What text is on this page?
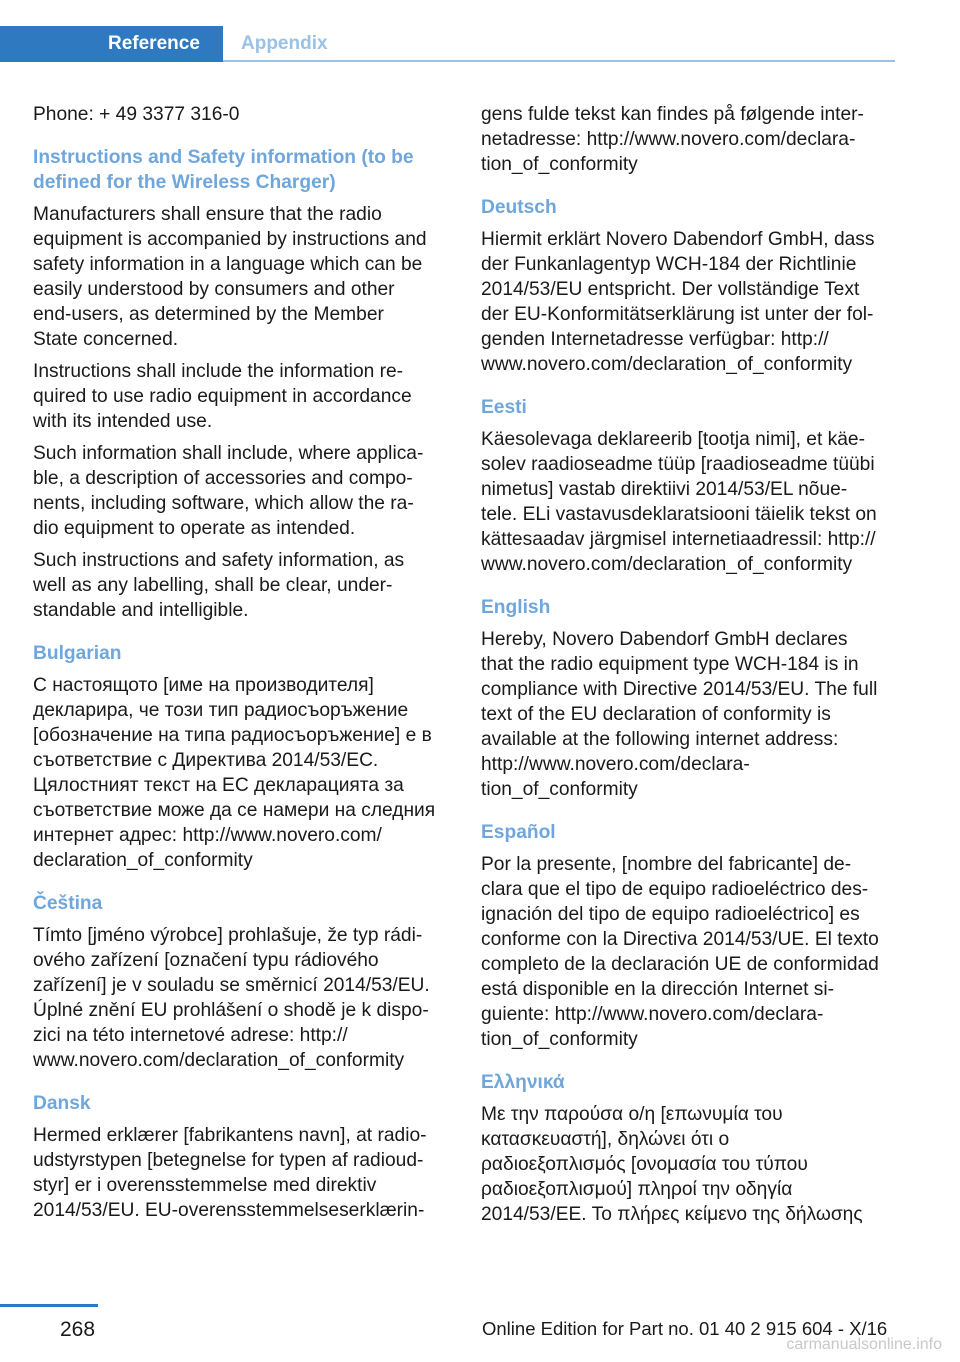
Reference	Appendix
Phone: + 49 3377 316-0
Instructions and Safety information (to be
defined for the Wireless Charger)
Manufacturers shall ensure that the radio
equipment is accompanied by instructions and
safety information in a language which can be
easily understood by consumers and other
end-users, as determined by the Member
State concerned.
Instructions shall include the information re‐
quired to use radio equipment in accordance
with its intended use.
Such information shall include, where applica‐
ble, a description of accessories and compo‐
nents, including software, which allow the ra‐
dio equipment to operate as intended.
Such instructions and safety information, as
well as any labelling, shall be clear, under‐
standable and intelligible.
Bulgarian
С настоящото [име на производителя]
декларира, че този тип радиосъоръжение
[обозначение на типа радиосъоръжение] е в
съответствие с Директива 2014/53/ЕС.
Цялостният текст на ЕС декларацията за
съответствие може да се намери на следния
интернет адрес: http://www.novero.com/
declaration_of_conformity
Čeština
Tímto [jméno výrobce] prohlašuje, že typ rádi‐
ového zařízení [označení typu rádiového
zařízení] je v souladu se směrnicí 2014/53/EU.
Úplné znění EU prohlášení o shodě je k dispo‐
zici na této internetové adrese: http://
www.novero.com/declaration_of_conformity
Dansk
Hermed erklærer [fabrikantens navn], at radio‐
udstyrstypen [betegnelse for typen af radioud‐
styr] er i overensstemmelse med direktiv
2014/53/EU. EU-overensstemmelseserklærin‐
gens fulde tekst kan findes på følgende inter‐
netadresse: http://www.novero.com/declara‐
tion_of_conformity
Deutsch
Hiermit erklärt Novero Dabendorf GmbH, dass
der Funkanlagentyp WCH-184 der Richtlinie
2014/53/EU entspricht. Der vollständige Text
der EU-Konformitätserklärung ist unter der fol‐
genden Internetadresse verfügbar: http://
www.novero.com/declaration_of_conformity
Eesti
Käesolevaga deklareerib [tootja nimi], et käe‐
solev raadioseadme tüüp [raadioseadme tüübi
nimetus] vastab direktiivi 2014/53/EL nõue‐
tele. ELi vastavusdeklaratsiooni täielik tekst on
kättesaadav järgmisel internetiaadressil: http://
www.novero.com/declaration_of_conformity
English
Hereby, Novero Dabendorf GmbH declares
that the radio equipment type WCH-184 is in
compliance with Directive 2014/53/EU. The full
text of the EU declaration of conformity is
available at the following internet address:
http://www.novero.com/declara‐
tion_of_conformity
Español
Por la presente, [nombre del fabricante] de‐
clara que el tipo de equipo radioeléctrico des‐
ignación del tipo de equipo radioeléctrico] es
conforme con la Directiva 2014/53/UE. El texto
completo de la declaración UE de conformidad
está disponible en la dirección Internet si‐
guiente: http://www.novero.com/declara‐
tion_of_conformity
Ελληνικά
Με την παρούσα ο/η [επωνυμία του
κατασκευαστή], δηλώνει ότι ο
ραδιοεξοπλισμός [ονομασία του τύπου
ραδιοεξοπλισμού] πληροί την οδηγία
2014/53/ΕΕ. Το πλήρες κείμενο της δήλωσης
268	Online Edition for Part no. 01 40 2 915 604 - X/16
carmanualsonline.info
